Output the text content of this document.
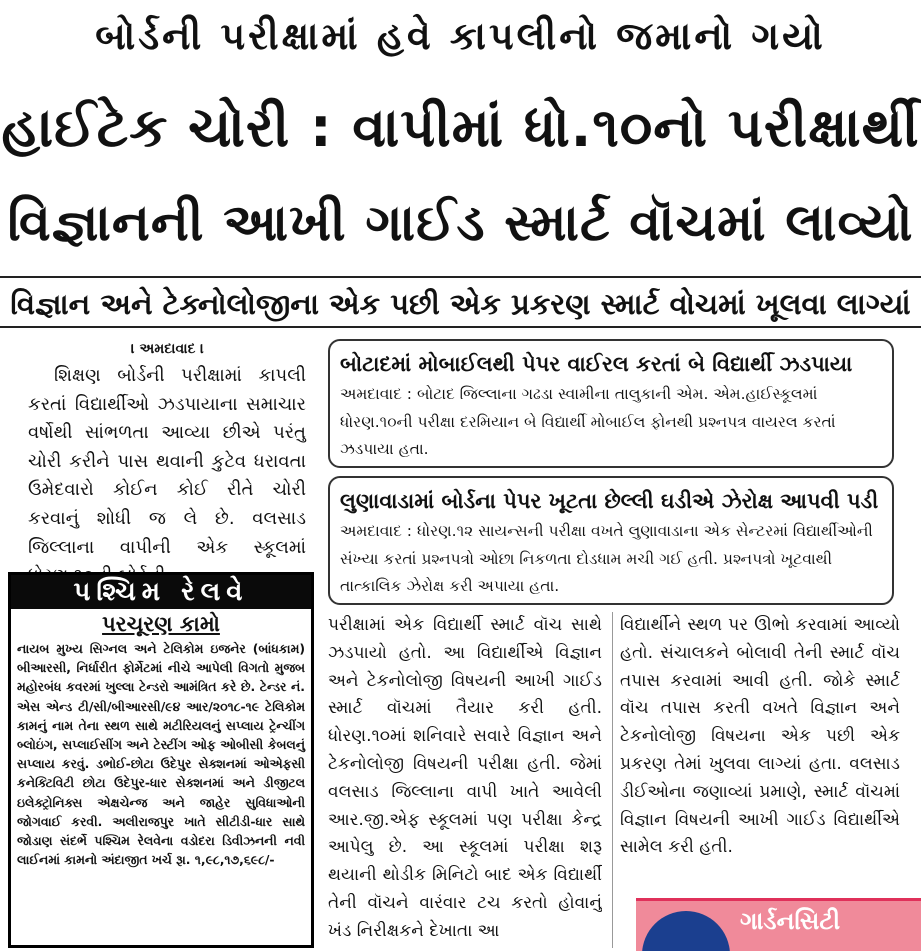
બોર્ડની પરીક્ષામાં હવે કાપલીનો જમાનો ગયો
હાઈટેક ચોરી : વાપીમાં ધો.૧૦નો પરીક્ષાર્થી
વિજ્ઞાનની આખી ગાઈડ સ્માર્ટ વૉચમાં લાવ્યો
વિજ્ઞાન અને ટેક્નોલોજીના એક પછી એક પ્રકરણ સ્માર્ટ વોચમાં ખૂલવા લાગ્યાં
। અમદાવાદ ।

શિક્ષણ બોર્ડની પરીક્ષામાં કાપલી કરતાં વિદ્યાર્થીઓ ઝડપાયાના સમાચાર વર્ષોથી સાંભળતા આવ્યા છીએ પરંતુ ચોરી કરીને પાસ થવાની કુટેવ ધરાવતા ઉમેદવારો કોઈન કોઈ રીતે ચોરી કરવાનું શોધી જ લે છે. વલસાડ જિલ્લાના વાપીની એક સ્કૂલમાં

પશ્ચિમ રેલવે
પરચૂરણ કામો
નાયબ મુખ્ય સિગ્નલ અને ટેલિકોમ ઇજનેર (બાંધકામ) બીઆરસી, નિર્ધારીત ફોર્મેટમાં નીચે આપેલી વિગતો મુજબ મહોરબંધ કવરમાં ખુલ્લા ટેન્ડરો આમંત્રિત કરે છે. ટેન્ડર નં. એસ એન્ડ ટી/સી/બીઆરસી/૯૪ આર/૨૦૧૮-૧૯ ટેલિકોમ કામનું નામ તેના સ્થળ સાથે મટીરિયલનું સપ્લાય ટ્રેન્ચીંગ બ્લોઇંગ, સપ્લાઈસીંગ અને ટેસ્ટીંગ ઓફ ઓબીસી કેબલનું સપ્લાય કરવું. ડભોઈ-છોટા ઉદેપુર સેક્શનમાં ઓએફસી કનેક્ટિવિટી છોટા ઉદેપુર-ધાર સેક્શનમાં અને ડીજીટલ ઇલેક્ટ્રોનિક્સ એક્ષચેન્જ અને જાહેર સુવિધાઓની જોગવાઈ કરવી. અલીરાજપુર ખાતે સીટીડી-ધાર સાથે જોડાણ સંદર્ભે પશ્ચિમ રેલવેના વડોદરા ડિવીઝનની નવી લાઈનમાં કામનો અંદાજીત ખર્ચ રૂા. ૧,૯૮,૧૭,૬૯૮/-
બોટાદમાં મોબાઈલથી પેપર વાઈરલ કરતાં બે વિદ્યાર્થી ઝડપાયા
અમદાવાદ : બોટાદ જિલ્લાના ગઢડા સ્વામીના તાલુકાની એમ. એમ.હાઈસ્કૂલમાં ધોરણ.૧૦ની પરીક્ષા દરમિયાન બે વિદ્યાર્થી મોબાઈલ ફોનથી પ્રશ્નપત્ર વાયરલ કરતાં ઝડપાયા હતા.
લુણાવાડામાં બોર્ડના પેપર ખૂટતા છેલ્લી ઘડીએ ઝેરોક્ષ આપવી પડી
અમદાવાદ : ધોરણ.૧૨ સાયન્સની પરીક્ષા વખતે લુણાવાડાના એક સેન્ટરમાં વિદ્યાર્થીઓની સંખ્યા કરતાં પ્રશ્નપત્રો ઓછા નિકળતા દોડધામ મચી ગઈ હતી. પ્રશ્નપત્રો ખૂટવાથી તાત્કાલિક ઝેરોક્ષ કરી અપાયા હતા.
પરીક્ષામાં એક વિદ્યાર્થી સ્માર્ટ વૉચ સાથે ઝડપાયો હતો. આ વિદ્યાર્થીએ વિજ્ઞાન અને ટેકનોલોજી વિષયની આખી ગાઈડ સ્માર્ટ વૉચમાં તૈયાર કરી હતી. ધોરણ.૧૦માં શનિવારે સવારે વિજ્ઞાન અને ટેકનોલોજી વિષયની પરીક્ષા હતી. જેમાં વલસાડ જિલ્લાના વાપી ખાતે આવેલી આર.જી.એફ સ્કૂલમાં પણ પરીક્ષા કેન્દ્ર આપેલુ છે. આ સ્કૂલમાં પરીક્ષા શરૂ થયાની થોડીક મિનિટો બાદ એક વિદ્યાર્થી તેની વૉચને વારંવાર ટચ કરતો હોવાનું ખંડ નિરીક્ષકને દેખાતા આ
વિદ્યાર્થીને સ્થળ પર ઊભો કરવામાં આવ્યો હતો. સંચાલકને બોલાવી તેની સ્માર્ટ વૉચ તપાસ કરવામાં આવી હતી. જોકે સ્માર્ટ વૉચ તપાસ કરતી વખતે વિજ્ઞાન અને ટેકનોલોજી વિષયના એક પછી એક પ્રકરણ તેમાં ખુલવા લાગ્યાં હતા. વલસાડ ડીઈઓના જણાવ્યાં પ્રમાણે, સ્માર્ટ વૉચમાં વિજ્ઞાન વિષયની આખી ગાઈડ વિદ્યાર્થીએ સામેલ કરી હતી.
ગાર્ડનસિટી
